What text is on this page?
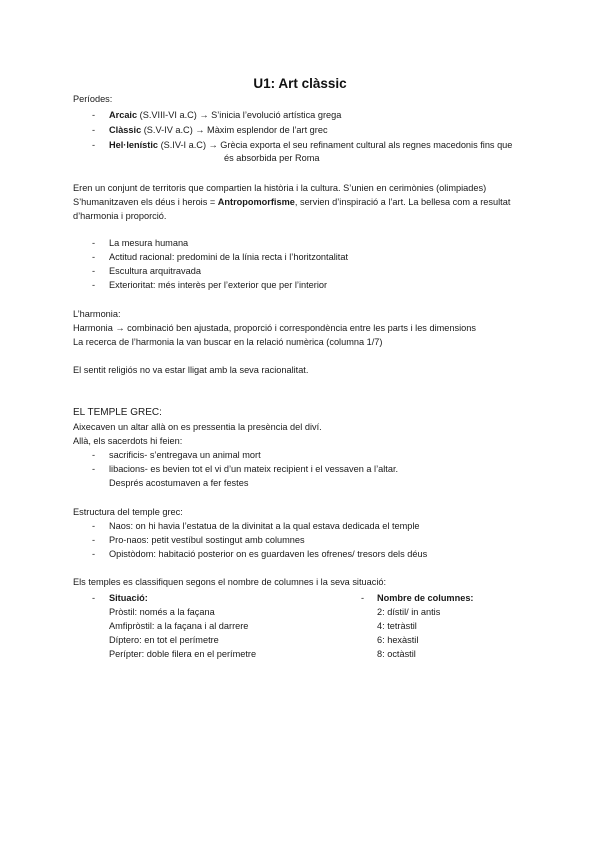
U1: Art clàssic
Períodes:
- Arcaic (S.VIII-VI a.C) → S’inicia l’evolució artística grega
- Clàssic (S.V-IV a.C) → Màxim esplendor de l’art grec
- Hel·lenístic (S.IV-I a.C) → Grècia exporta el seu refinament cultural als regnes macedonis fins que
és absorbida per Roma
Eren un conjunt de territoris que compartien la història i la cultura. S’unien en cerimònies (olimpiades)
S’humanitzaven els déus i herois = Antropomorfisme, servien d’inspiració a l’art. La bellesa com a resultat
d’harmonia i proporció.
- La mesura humana
- Actitud racional: predomini de la línia recta i l’horitzontalitat
- Escultura arquitravada
- Exterioritat: més interès per l’exterior que per l’interior
L’harmonia:
Harmonia → combinació ben ajustada, proporció i correspondència entre les parts i les dimensions
La recerca de l’harmonia la van buscar en la relació numèrica (columna 1/7)
El sentit religiós no va estar lligat amb la seva racionalitat.
EL TEMPLE GREC:
Aixecaven un altar allà on es pressentia la presència del diví.
Allà, els sacerdots hi feien:
- sacrificis- s’entregava un animal mort
- libacions- es bevien tot el vi d’un mateix recipient i el vessaven a l’altar.
Després acostumaven a fer festes
Estructura del temple grec:
- Naos: on hi havia l’estatua de la divinitat a la qual estava dedicada el temple
- Pro-naos: petit vestíbul sostingut amb columnes
- Opistòdom: habitació posterior on es guardaven les ofrenes/ tresors dels déus
Els temples es classifiquen segons el nombre de columnes i la seva situació:
- Situació:
Pròstil: només a la façana
Amfipròstil: a la façana i al darrere
Díptero: en tot el perímetre
Perípter: doble filera en el perímetre
- Nombre de columnes:
2: dístil/ in antis
4: tetràstil
6: hexàstil
8: octàstil
